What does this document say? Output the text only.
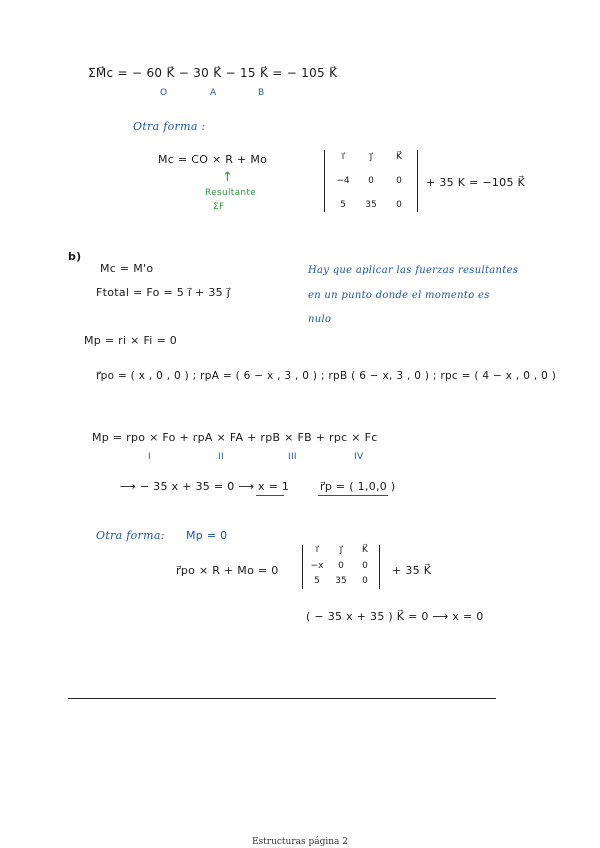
ΣM⃗c = − 60 K⃗ − 30 K⃗ − 15 K⃗ = − 105 K⃗
O	A	B
Otra forma :
Mc = CO × R + Mo
↑
Resultante
ΣF
i⃗	j⃗	K⃗
−4	0	0
5	35	0
+ 35 K = −105 K⃗
b)
Mc = M'o
Ftotal = Fo = 5 i⃗ + 35 j⃗
Hay que aplicar las fuerzas resultantes
en un punto donde el momento es
nulo
Mp = ri × Fi = 0
r⃗po = ( x , 0 , 0 ) ; rpA = ( 6 − x , 3 , 0 ) ; rpB ( 6 − x, 3 , 0 ) ; rpc = ( 4 − x , 0 , 0 )
Mp = rpo × Fo + rpA × FA + rpB × FB + rpc × Fc
I	II	III	IV
⟶ − 35 x + 35 = 0 ⟶ x = 1	r⃗p = ( 1,0,0 )
Otra forma: Mp = 0
r⃗po × R + Mo = 0
i⃗	j⃗	K⃗
−x	0	0
5	35	0
+ 35 K⃗
( − 35 x + 35 ) K⃗ = 0 ⟶ x = 0
Estructuras página 2
